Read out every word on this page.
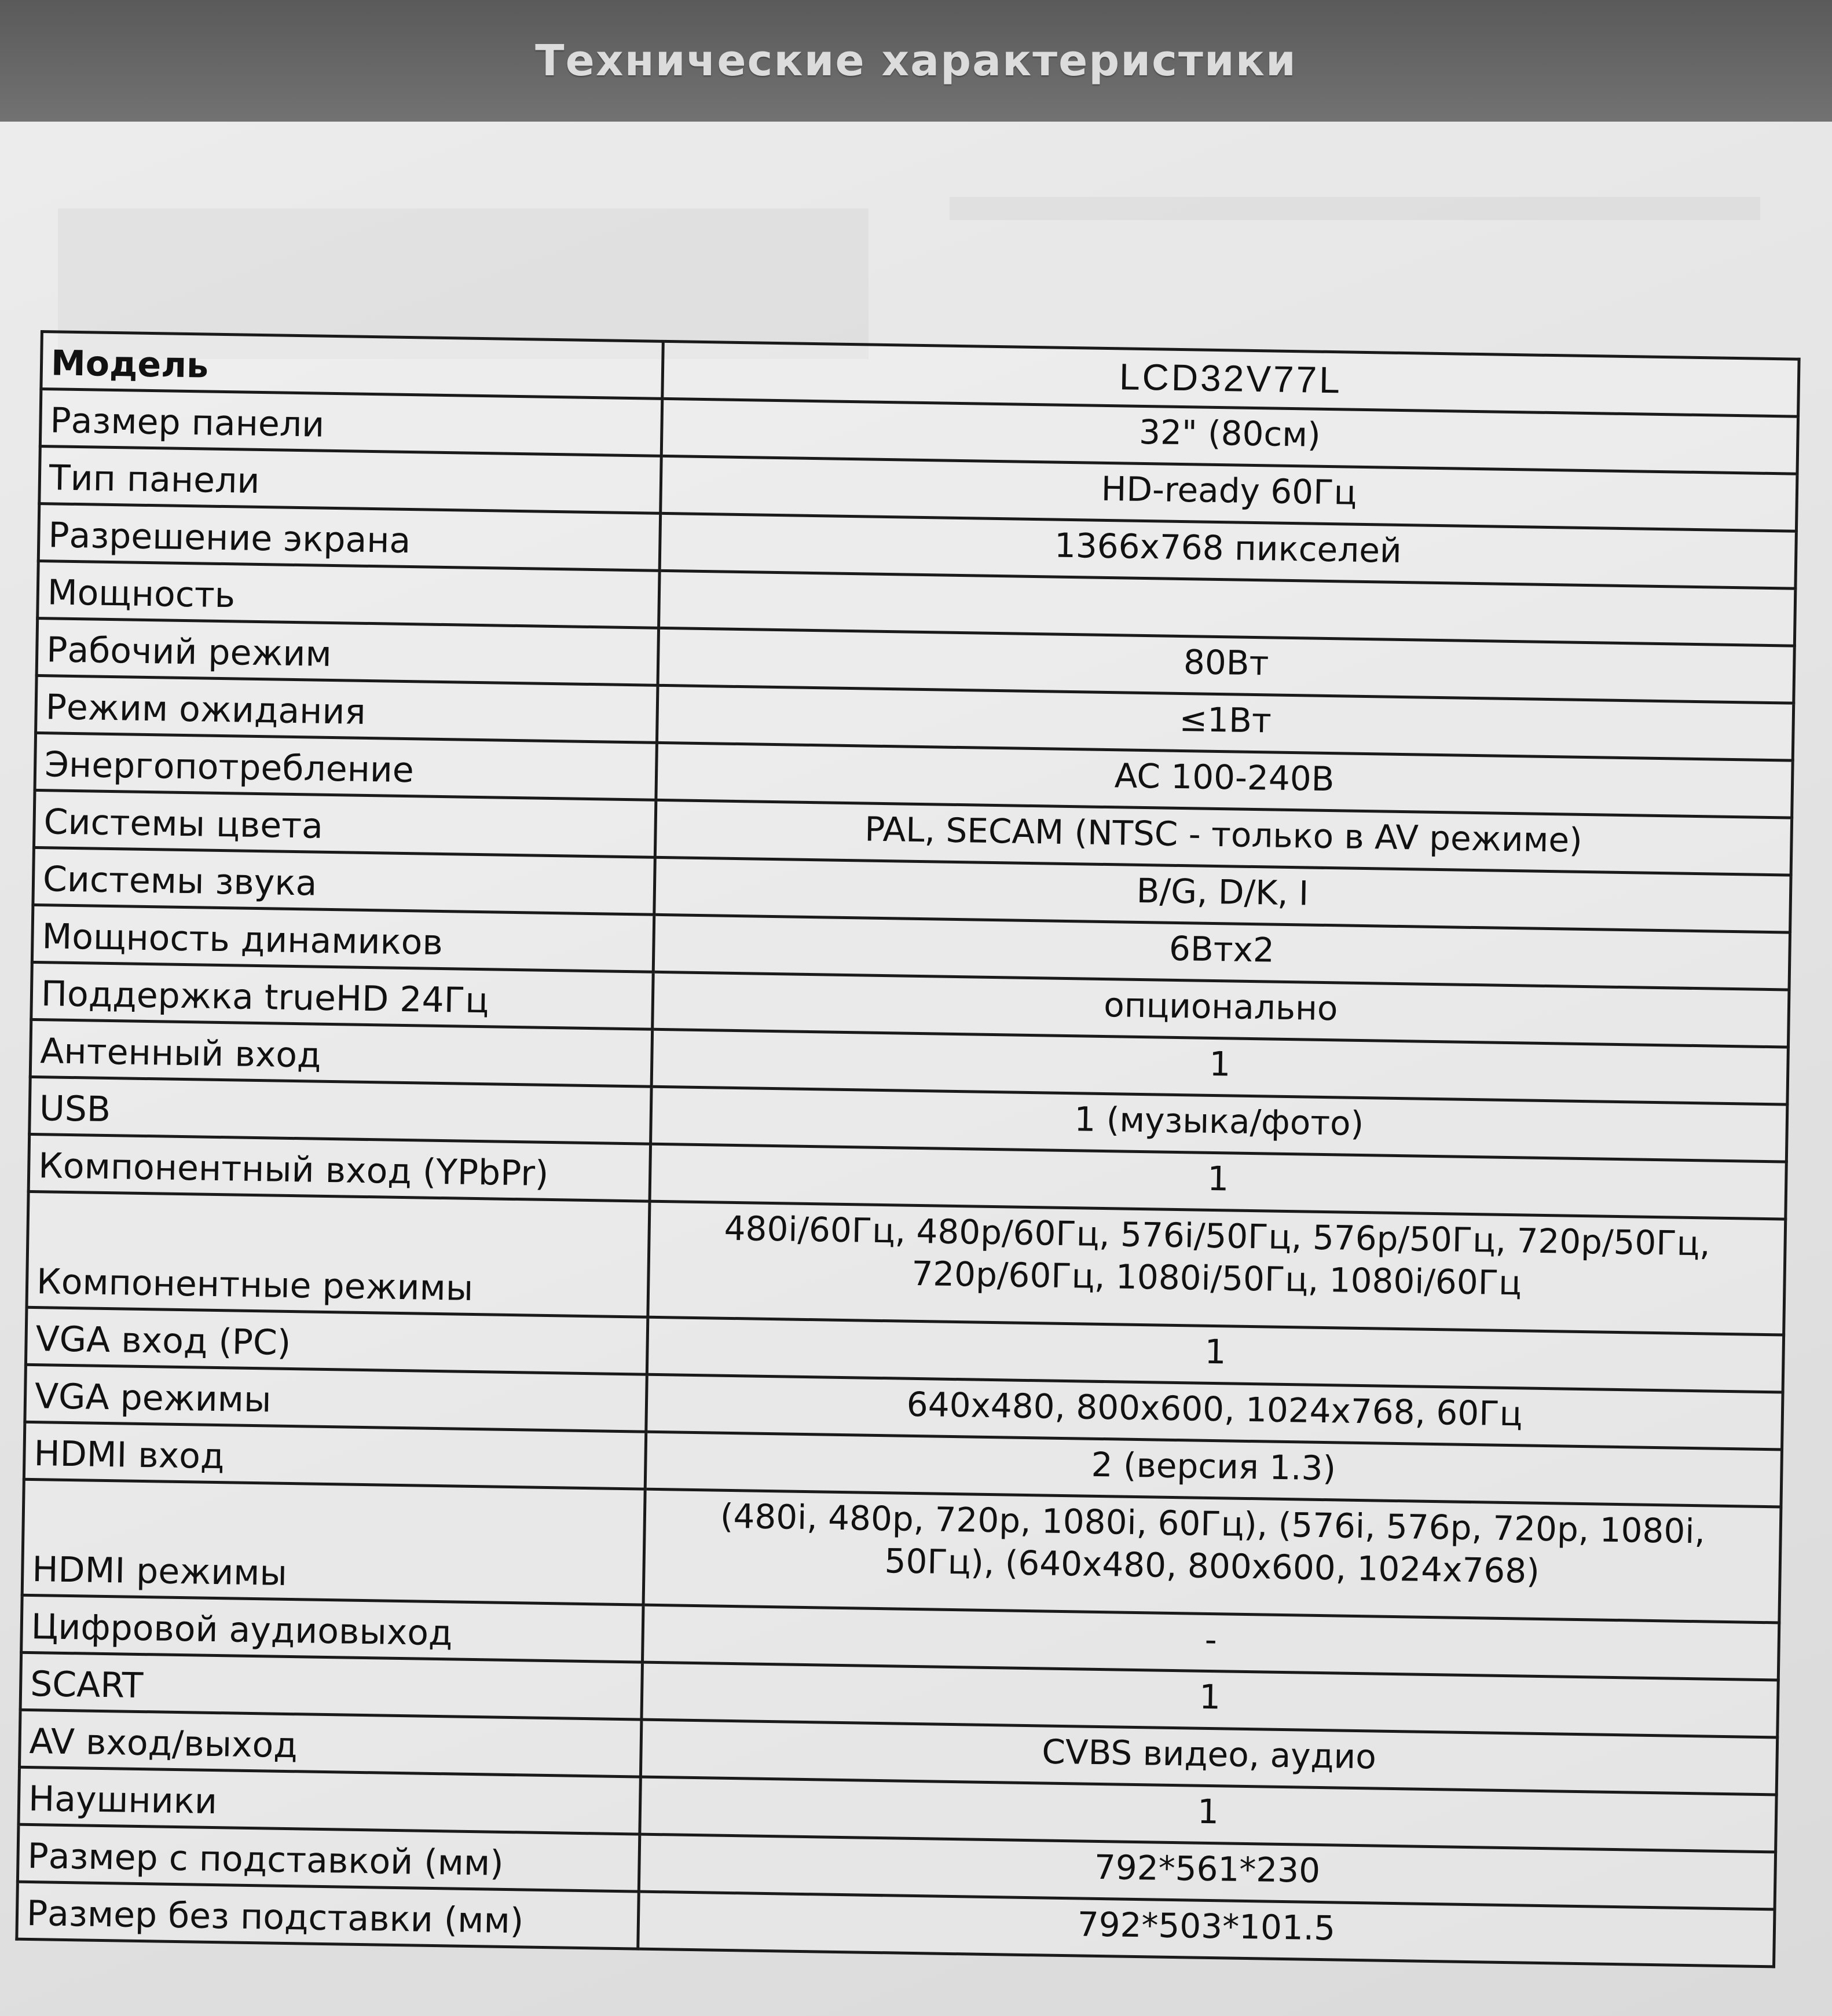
Технические характеристики
Модель	LCD32V77L
Размер панели	32" (80см)
Тип панели	HD-ready 60Гц
Разрешение экрана	1366x768 пикселей
Мощность	
Рабочий режим	80Вт
Режим ожидания	≤1Вт
Энергопотребление	AC 100-240В
Системы цвета	PAL, SECAM (NTSC - только в AV режиме)
Системы звука	B/G, D/K, I
Мощность динамиков	6Втx2
Поддержка trueHD 24Гц	опционально
Антенный вход	1
USB	1 (музыка/фото)
Компонентный вход (YPbPr)	1
Компонентные режимы	480i/60Гц, 480p/60Гц, 576i/50Гц, 576p/50Гц, 720p/50Гц,
720p/60Гц, 1080i/50Гц, 1080i/60Гц

VGA вход (PC)	1
VGA режимы	640x480, 800x600, 1024x768, 60Гц
HDMI вход	2 (версия 1.3)
HDMI режимы	(480i, 480p, 720p, 1080i, 60Гц), (576i, 576p, 720p, 1080i,
50Гц), (640x480, 800x600, 1024x768)

Цифровой аудиовыход	-
SCART	1
AV вход/выход	CVBS видео, аудио
Наушники	1
Размер с подставкой (мм)	792*561*230
Размер без подставки (мм)	792*503*101.5
